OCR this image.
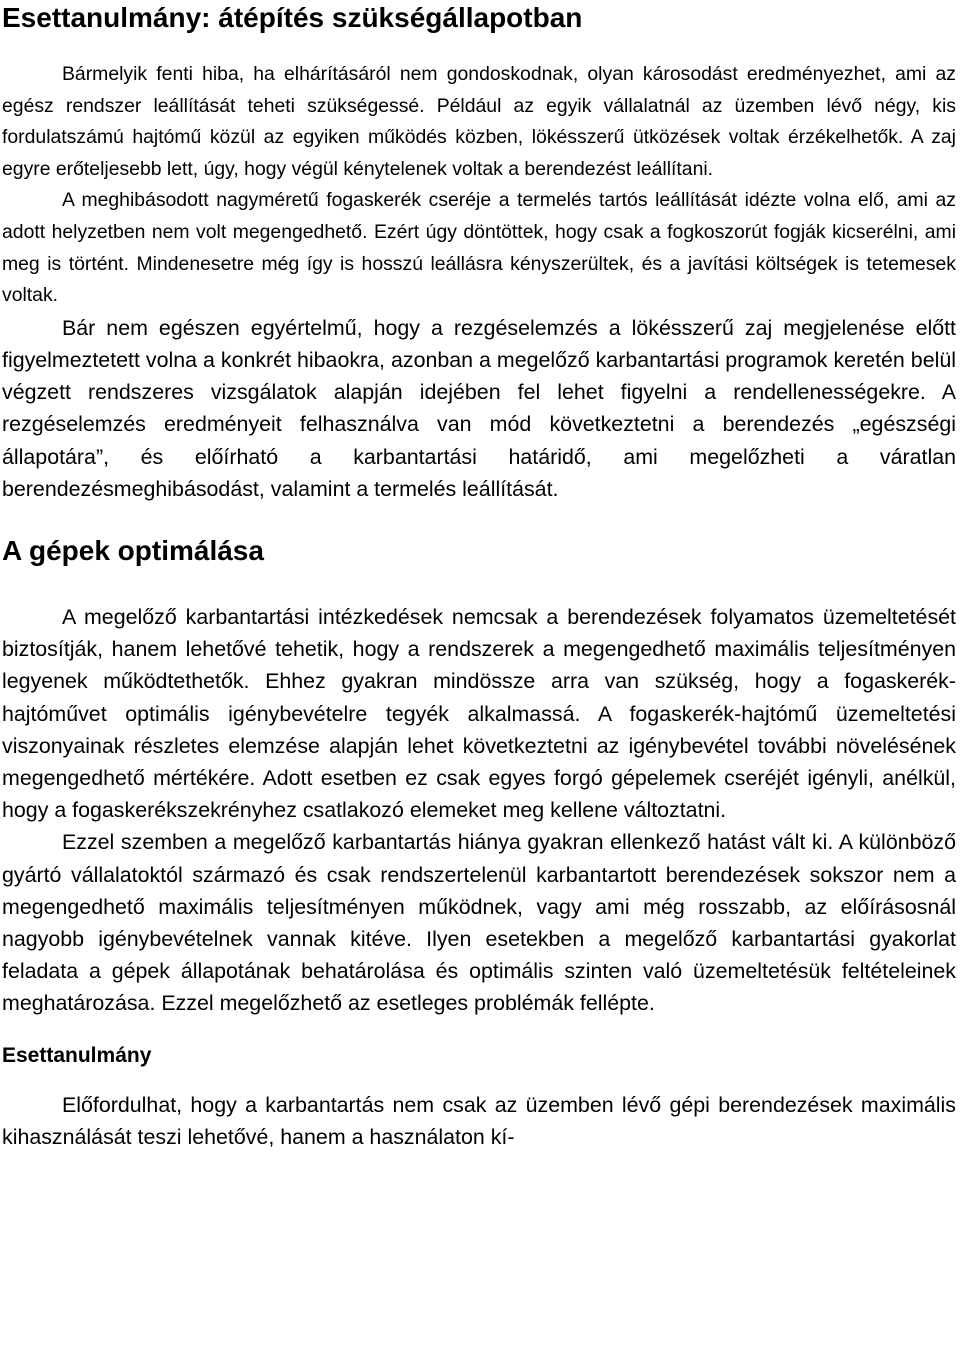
Esettanulmány: átépítés szükségállapotban

Bármelyik fenti hiba, ha elhárításáról nem gondoskodnak, olyan károsodást eredményezhet, ami az egész rendszer leállítását teheti szükségessé. Például az egyik vállalatnál az üzemben lévő négy, kis fordulatszámú hajtómű közül az egyiken működés közben, lökésszerű ütközések voltak érzékelhetők. A zaj egyre erőteljesebb lett, úgy, hogy végül kénytelenek voltak a berendezést leállítani.

A meghibásodott nagyméretű fogaskerék cseréje a termelés tartós leállítását idézte volna elő, ami az adott helyzetben nem volt megengedhető. Ezért úgy döntöttek, hogy csak a fogkoszorút fogják kicserélni, ami meg is történt. Mindenesetre még így is hosszú leállásra kényszerültek, és a javítási költségek is tetemesek voltak.

Bár nem egészen egyértelmű, hogy a rezgéselemzés a lökésszerű zaj megjelenése előtt figyelmeztetett volna a konkrét hibaokra, azonban a megelőző karbantartási programok keretén belül végzett rendszeres vizsgálatok alapján idejében fel lehet figyelni a rendellenességekre. A rezgéselemzés eredményeit felhasználva van mód következtetni a berendezés „egészségi állapotára”, és előírható a karbantartási határidő, ami megelőzheti a váratlan berendezésmeghibásodást, valamint a termelés leállítását.

A gépek optimálása

A megelőző karbantartási intézkedések nemcsak a berendezések folyamatos üzemeltetését biztosítják, hanem lehetővé tehetik, hogy a rendszerek a megengedhető maximális teljesítményen legyenek működtethetők. Ehhez gyakran mindössze arra van szükség, hogy a fogaskerék-hajtóművet optimális igénybevételre tegyék alkalmassá. A fogaskerék-hajtómű üzemeltetési viszonyainak részletes elemzése alapján lehet következtetni az igénybevétel további növelésének megengedhető mértékére. Adott esetben ez csak egyes forgó gépelemek cseréjét igényli, anélkül, hogy a fogaskerékszekrényhez csatlakozó elemeket meg kellene változtatni.

Ezzel szemben a megelőző karbantartás hiánya gyakran ellenkező hatást vált ki. A különböző gyártó vállalatoktól származó és csak rendszertelenül karbantartott berendezések sokszor nem a megengedhető maximális teljesítményen működnek, vagy ami még rosszabb, az előírásosnál nagyobb igénybevételnek vannak kitéve. Ilyen esetekben a megelőző karbantartási gyakorlat feladata a gépek állapotának behatárolása és optimális szinten való üzemeltetésük feltételeinek meghatározása. Ezzel megelőzhető az esetleges problémák fellépte.

Esettanulmány

Előfordulhat, hogy a karbantartás nem csak az üzemben lévő gépi berendezések maximális kihasználását teszi lehetővé, hanem a használaton kí-
